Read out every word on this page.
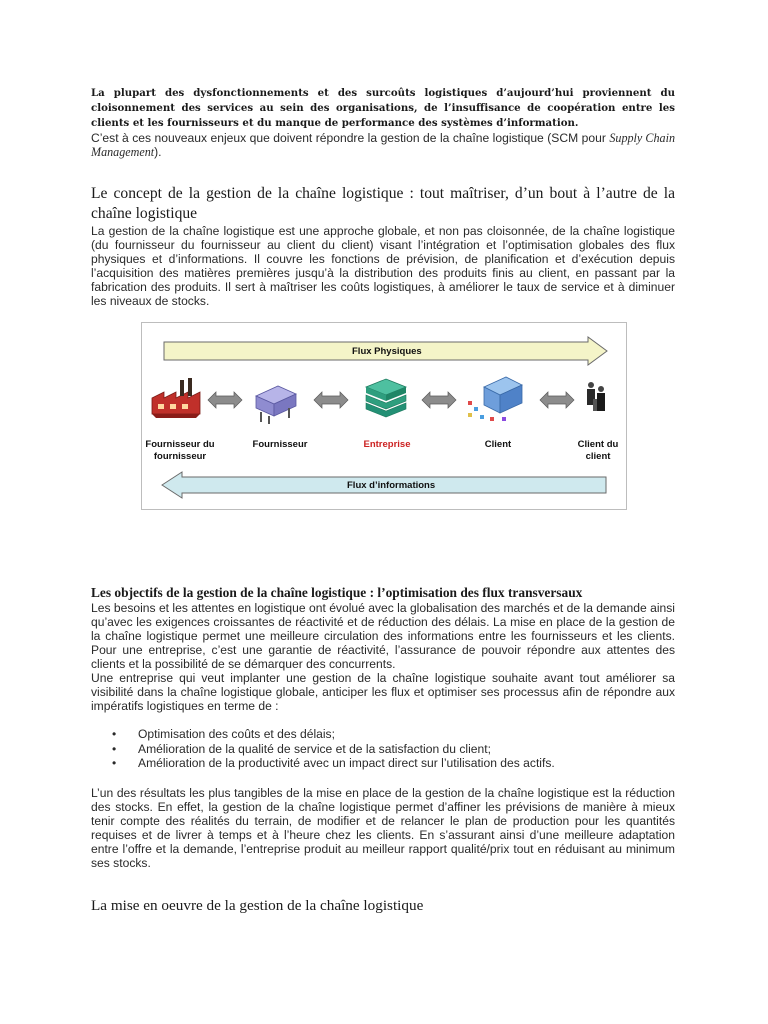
La plupart des dysfonctionnements et des surcoûts logistiques d’aujourd’hui proviennent du cloisonnement des services au sein des organisations, de l’insuffisance de coopération entre les clients et les fournisseurs et du manque de performance des systèmes d’information.

C’est à ces nouveaux enjeux que doivent répondre la gestion de la chaîne logistique (SCM pour Supply Chain Management).

Le concept de la gestion de la chaîne logistique : tout maîtriser, d’un bout à l’autre de la chaîne logistique

La gestion de la chaîne logistique est une approche globale, et non pas cloisonnée, de la chaîne logistique (du fournisseur du fournisseur au client du client) visant l’intégration et l’optimisation globales des flux physiques et d’informations. Il couvre les fonctions de prévision, de planification et d’exécution depuis l’acquisition des matières premières jusqu’à la distribution des produits finis au client, en passant par la fabrication des produits. Il sert à maîtriser les coûts logistiques, à améliorer le taux de service et à diminuer les niveaux de stocks.

Flux Physiques
Fournisseur du
fournisseur
Fournisseur	Entreprise	Client	Client du
client
Flux d’informations
Les objectifs de la gestion de la chaîne logistique : l’optimisation des flux transversaux

Les besoins et les attentes en logistique ont évolué avec la globalisation des marchés et de la demande ainsi qu’avec les exigences croissantes de réactivité et de réduction des délais. La mise en place de la gestion de la chaîne logistique permet une meilleure circulation des informations entre les fournisseurs et les clients. Pour une entreprise, c’est une garantie de réactivité, l’assurance de pouvoir répondre aux attentes des clients et la possibilité de se démarquer des concurrents.

Une entreprise qui veut implanter une gestion de la chaîne logistique souhaite avant tout améliorer sa visibilité dans la chaîne logistique globale, anticiper les flux et optimiser ses processus afin de répondre aux impératifs logistiques en terme de :

• Optimisation des coûts et des délais;
• Amélioration de la qualité de service et de la satisfaction du client;
• Amélioration de la productivité avec un impact direct sur l’utilisation des actifs.

L’un des résultats les plus tangibles de la mise en place de la gestion de la chaîne logistique est la réduction des stocks. En effet, la gestion de la chaîne logistique permet d’affiner les prévisions de manière à mieux tenir compte des réalités du terrain, de modifier et de relancer le plan de production pour les quantités requises et de livrer à temps et à l’heure chez les clients. En s’assurant ainsi d’une meilleure adaptation entre l’offre et la demande, l’entreprise produit au meilleur rapport qualité/prix tout en réduisant au minimum ses stocks.

La mise en oeuvre de la gestion de la chaîne logistique
